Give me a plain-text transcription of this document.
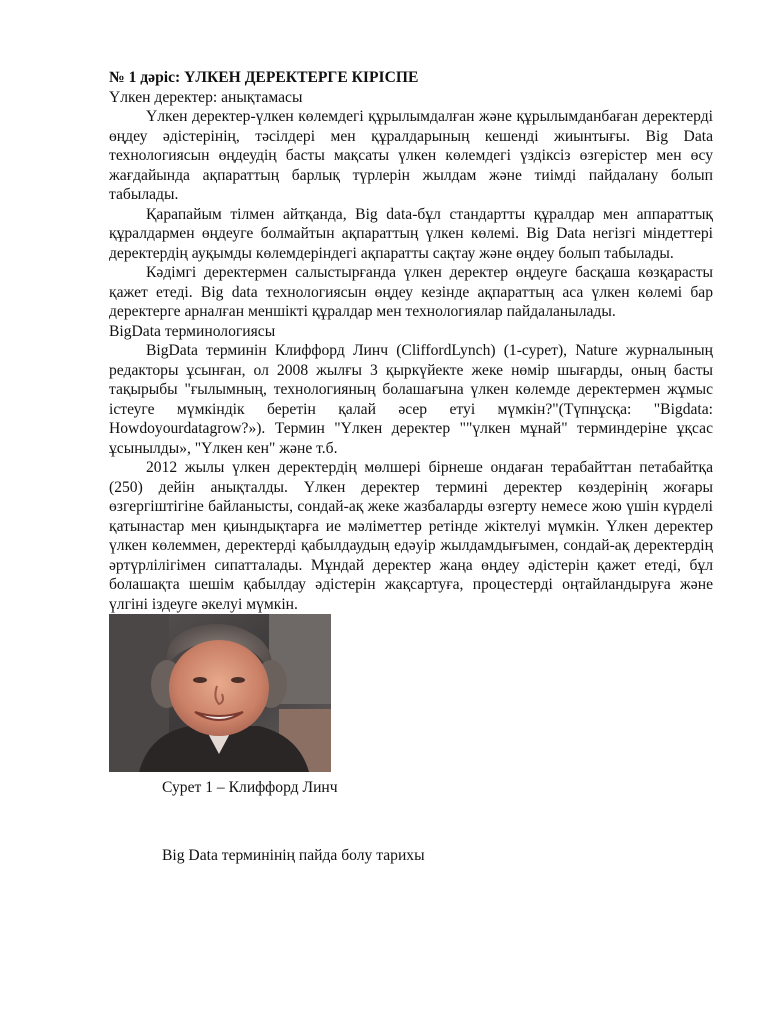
№ 1 дәріс: ҮЛКЕН ДЕРЕКТЕРГЕ КІРІСПЕ

Үлкен деректер: анықтамасы

Үлкен деректер-үлкен көлемдегі құрылымдалған және құрылымданбаған деректерді өңдеу әдістерінің, тәсілдері мен құралдарының кешенді жиынтығы. Big Data технологиясын өңдеудің басты мақсаты үлкен көлемдегі үздіксіз өзгерістер мен өсу жағдайында ақпараттың барлық түрлерін жылдам және тиімді пайдалану болып табылады.

Қарапайым тілмен айтқанда, Big data-бұл стандартты құралдар мен аппараттық құралдармен өңдеуге болмайтын ақпараттың үлкен көлемі. Big Data негізгі міндеттері деректердің ауқымды көлемдеріндегі ақпаратты сақтау және өңдеу болып табылады.

Кәдімгі деректермен салыстырғанда үлкен деректер өңдеуге басқаша көзқарасты қажет етеді. Big data технологиясын өңдеу кезінде ақпараттың аса үлкен көлемі бар деректерге арналған меншікті құралдар мен технологиялар пайдаланылады.

BigData терминологиясы

BigData терминін Клиффорд Линч (CliffordLynch) (1-сурет), Nature журналының редакторы ұсынған, ол 2008 жылғы 3 қыркүйекте жеке нөмір шығарды, оның басты тақырыбы "ғылымның, технологияның болашағына үлкен көлемде деректермен жұмыс істеуге мүмкіндік беретін қалай әсер етуі мүмкін?"(Түпнұсқа: "Bigdata: Howdoyourdatagrow?»). Термин "Үлкен деректер ""үлкен мұнай" терминдеріне ұқсас ұсынылды», "Үлкен кен" және т.б.

2012 жылы үлкен деректердің мөлшері бірнеше ондаған терабайттан петабайтқа (250) дейін анықталды. Үлкен деректер термині деректер көздерінің жоғары өзгергіштігіне байланысты, сондай-ақ жеке жазбаларды өзгерту немесе жою үшін күрделі қатынастар мен қиындықтарға ие мәліметтер ретінде жіктелуі мүмкін. Үлкен деректер үлкен көлеммен, деректерді қабылдаудың едәуір жылдамдығымен, сондай-ақ деректердің әртүрлілігімен сипатталады. Мұндай деректер жаңа өңдеу әдістерін қажет етеді, бұл болашақта шешім қабылдау әдістерін жақсартуға, процестерді оңтайландыруға және үлгіні іздеуге әкелуі мүмкін.

Сурет 1 – Клиффорд Линч

Big Data терминінің пайда болу тарихы
